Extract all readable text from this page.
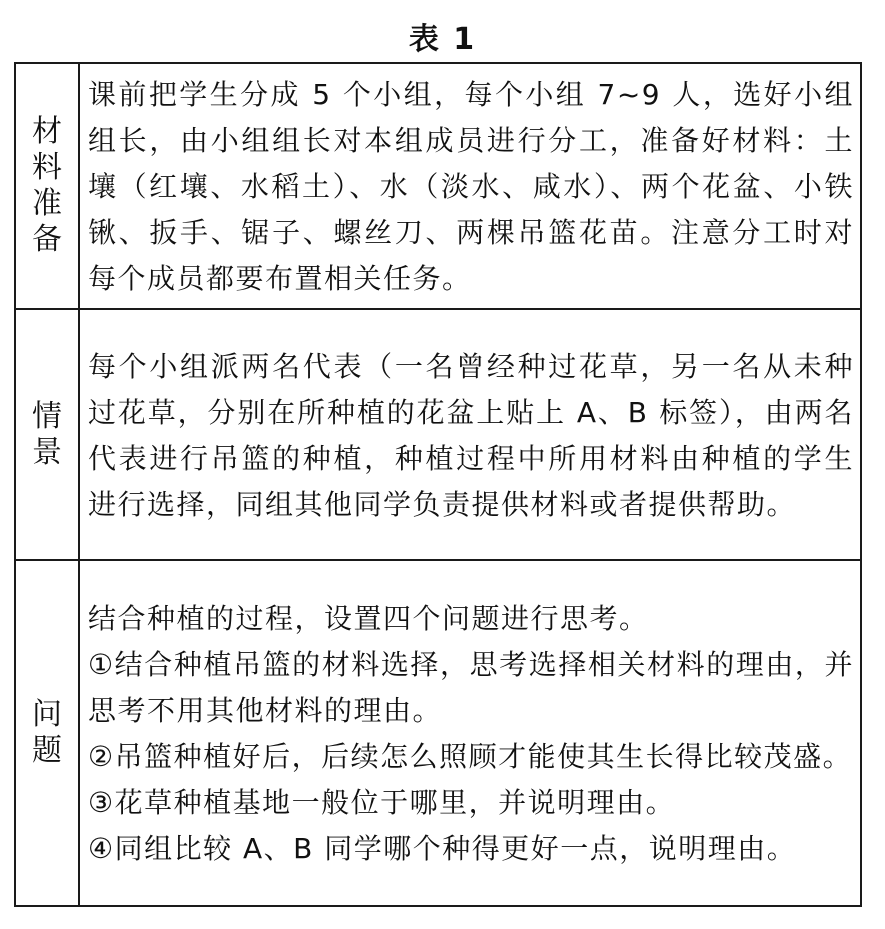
表 1
材料准备	课前把学生分成 5 个小组，每个小组 7~9 人，选好小组组长，由小组组长对本组成员进行分工，准备好材料：土壤（红壤、水稻土）、水（淡水、咸水）、两个花盆、小铁锹、扳手、锯子、螺丝刀、两棵吊篮花苗。注意分工时对每个成员都要布置相关任务。

情景	每个小组派两名代表（一名曾经种过花草，另一名从未种过花草，分别在所种植的花盆上贴上 A、B 标签），由两名代表进行吊篮的种植，种植过程中所用材料由种植的学生进行选择，同组其他同学负责提供材料或者提供帮助。

问题	结合种植的过程，设置四个问题进行思考。
①结合种植吊篮的材料选择，思考选择相关材料的理由，并思考不用其他材料的理由。
②吊篮种植好后，后续怎么照顾才能使其生长得比较茂盛。
③花草种植基地一般位于哪里，并说明理由。
④同组比较 A、B 同学哪个种得更好一点，说明理由。
